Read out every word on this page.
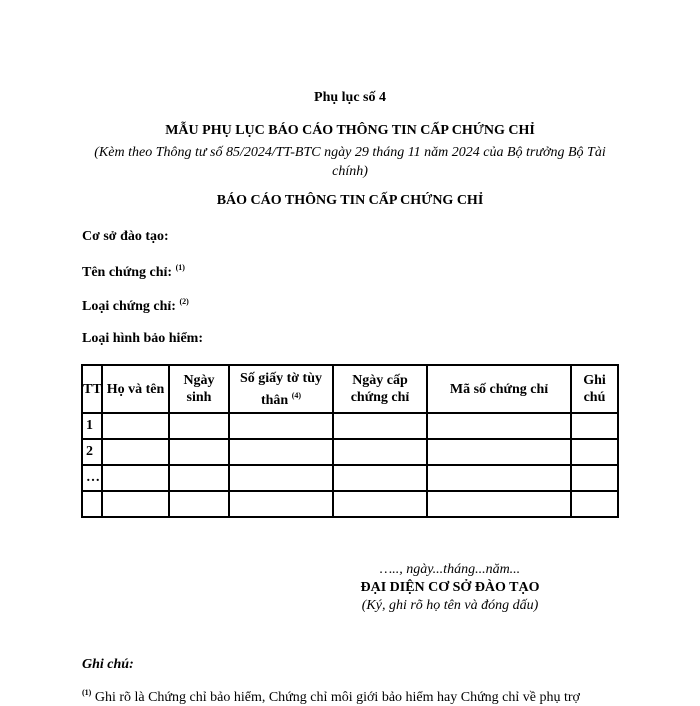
Phụ lục số 4
MẪU PHỤ LỤC BÁO CÁO THÔNG TIN CẤP CHỨNG CHỈ
(Kèm theo Thông tư số 85/2024/TT-BTC ngày 29 tháng 11 năm 2024 của Bộ trưởng Bộ Tài chính)
BÁO CÁO THÔNG TIN CẤP CHỨNG CHỈ
Cơ sở đào tạo:
Tên chứng chỉ: $^{(1)}$
Loại chứng chỉ: $^{(2)}$
Loại hình bảo hiểm:
TT	Họ và tên	Ngày sinh	Số giấy tờ tùy thân $^{(4)}$	Ngày cấp chứng chỉ	Mã số chứng chỉ	Ghi chú
1						
2						
…						

….., ngày...tháng...năm...
ĐẠI DIỆN CƠ SỞ ĐÀO TẠO
(Ký, ghi rõ họ tên và đóng dấu)
Ghi chú:
$^{(1)}$ Ghi rõ là Chứng chỉ bảo hiểm, Chứng chỉ môi giới bảo hiểm hay Chứng chỉ về phụ trợ
